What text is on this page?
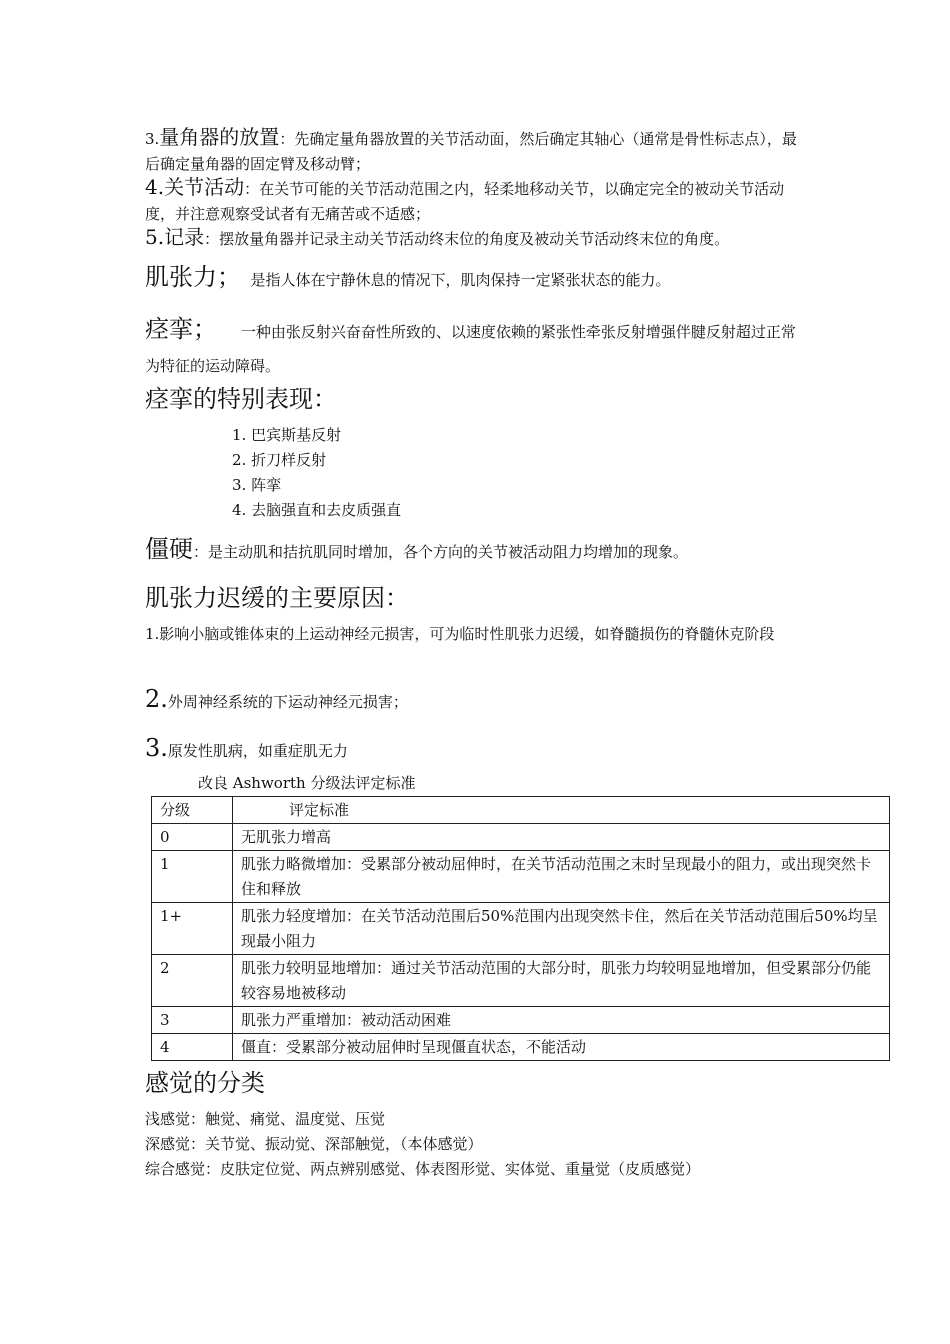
3.量角器的放置：先确定量角器放置的关节活动面，然后确定其轴心（通常是骨性标志点），最后确定量角器的固定臂及移动臂；
4.关节活动：在关节可能的关节活动范围之内，轻柔地移动关节，以确定完全的被动关节活动度，并注意观察受试者有无痛苦或不适感；
5.记录：摆放量角器并记录主动关节活动终末位的角度及被动关节活动终末位的角度。
肌张力； 是指人体在宁静休息的情况下，肌肉保持一定紧张状态的能力。
痉挛； 一种由张反射兴奋奋性所致的、以速度依赖的紧张性牵张反射增强伴腱反射超过正常为特征的运动障碍。
痉挛的特别表现：
1. 巴宾斯基反射
2. 折刀样反射
3. 阵挛
4. 去脑强直和去皮质强直
僵硬：是主动肌和拮抗肌同时增加，各个方向的关节被活动阻力均增加的现象。
肌张力迟缓的主要原因：
1.影响小脑或锥体束的上运动神经元损害，可为临时性肌张力迟缓，如脊髓损伤的脊髓休克阶段
2.外周神经系统的下运动神经元损害；
3.原发性肌病，如重症肌无力
改良 Ashworth 分级法评定标准
分级	评定标准
0	无肌张力增高
1	肌张力略微增加：受累部分被动屈伸时，在关节活动范围之末时呈现最小的阻力，或出现突然卡住和释放
1+	肌张力轻度增加：在关节活动范围后50%范围内出现突然卡住，然后在关节活动范围后50%均呈现最小阻力
2	肌张力较明显地增加：通过关节活动范围的大部分时，肌张力均较明显地增加，但受累部分仍能较容易地被移动
3	肌张力严重增加：被动活动困难
4	僵直：受累部分被动屈伸时呈现僵直状态，不能活动
感觉的分类
浅感觉：触觉、痛觉、温度觉、压觉
深感觉：关节觉、振动觉、深部触觉，（本体感觉）
综合感觉：皮肤定位觉、两点辨别感觉、体表图形觉、实体觉、重量觉（皮质感觉）
